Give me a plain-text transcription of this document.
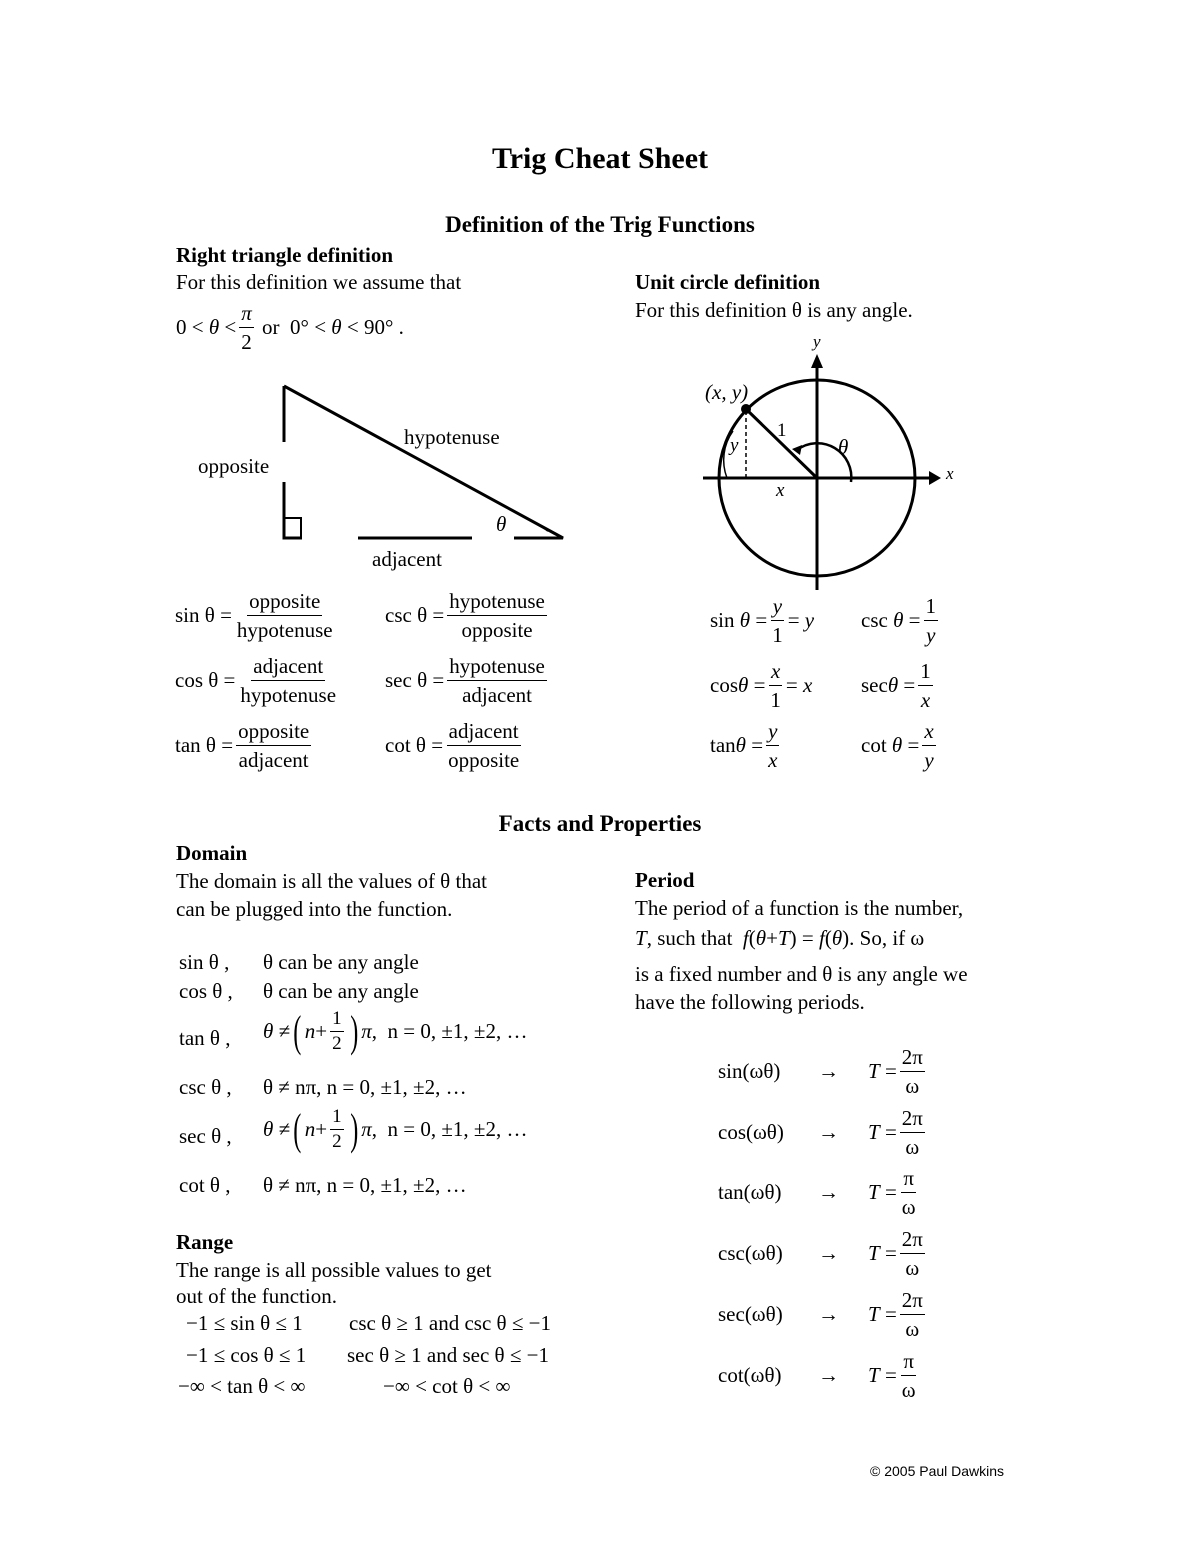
Trig Cheat Sheet
Definition of the Trig Functions
Right triangle definition
For this definition we assume that
$0 < \theta < \frac{\pi}{2}$ or  0° < θ < 90° .
opposite
hypotenuse
adjacent
θ
$\sin \theta = \frac{\text{opposite}}{\text{hypotenuse}}$ $\csc \theta = \frac{\text{hypotenuse}}{\text{opposite}}$
$\cos \theta = \frac{\text{adjacent}}{\text{hypotenuse}}$ $\sec \theta = \frac{\text{hypotenuse}}{\text{adjacent}}$
$\tan \theta = \frac{\text{opposite}}{\text{adjacent}}$	$\cot \theta = \frac{\text{adjacent}}{\text{opposite}}$
Unit circle definition
For this definition θ is any angle.
(x, y)
y
x
1
y
x
θ
$\sin \theta = \frac{y}{1} = y$ $\csc \theta = \frac{1}{y}$
$\cos\theta = \frac{x}{1} = x$ $\sec\theta = \frac{1}{x}$
$\tan\theta = \frac{y}{x}$	$\cot \theta = \frac{x}{y}$
Facts and Properties
Domain
The domain is all the values of θ that
can be plugged into the function.
sin θ , θ can be any angle
cos θ , θ can be any angle
tan θ , θ ≠ ( $n+ \frac{1}{2}$ ) π, n = 0, ±1, ±2, …
csc θ , θ ≠ nπ, n = 0, ±1, ±2, …
sec θ , θ ≠ ( $n+ \frac{1}{2}$ ) π, n = 0, ±1, ±2, …
cot θ , θ ≠ nπ, n = 0, ±1, ±2, …
Range
The range is all possible values to get
out of the function.
−1 ≤ sin θ ≤ 1 csc θ ≥ 1 and csc θ ≤ −1
−1 ≤ cos θ ≤ 1 sec θ ≥ 1 and sec θ ≤ −1
−∞ < tan θ < ∞	−∞ < cot θ < ∞
Period
The period of a function is the number,
T, such that  f(θ+T) = f(θ) . So, if ω
is a fixed number and θ is any angle we
have the following periods.
sin(ωθ)	→	$T = \frac{2\pi}{\omega}$
cos(ωθ)	→	$T = \frac{2\pi}{\omega}$
tan(ωθ)	→	$T = \frac{\pi}{\omega}$
csc(ωθ)	→	$T = \frac{2\pi}{\omega}$
sec(ωθ)	→	$T = \frac{2\pi}{\omega}$
cot(ωθ)	→	$T = \frac{\pi}{\omega}$
© 2005 Paul Dawkins
